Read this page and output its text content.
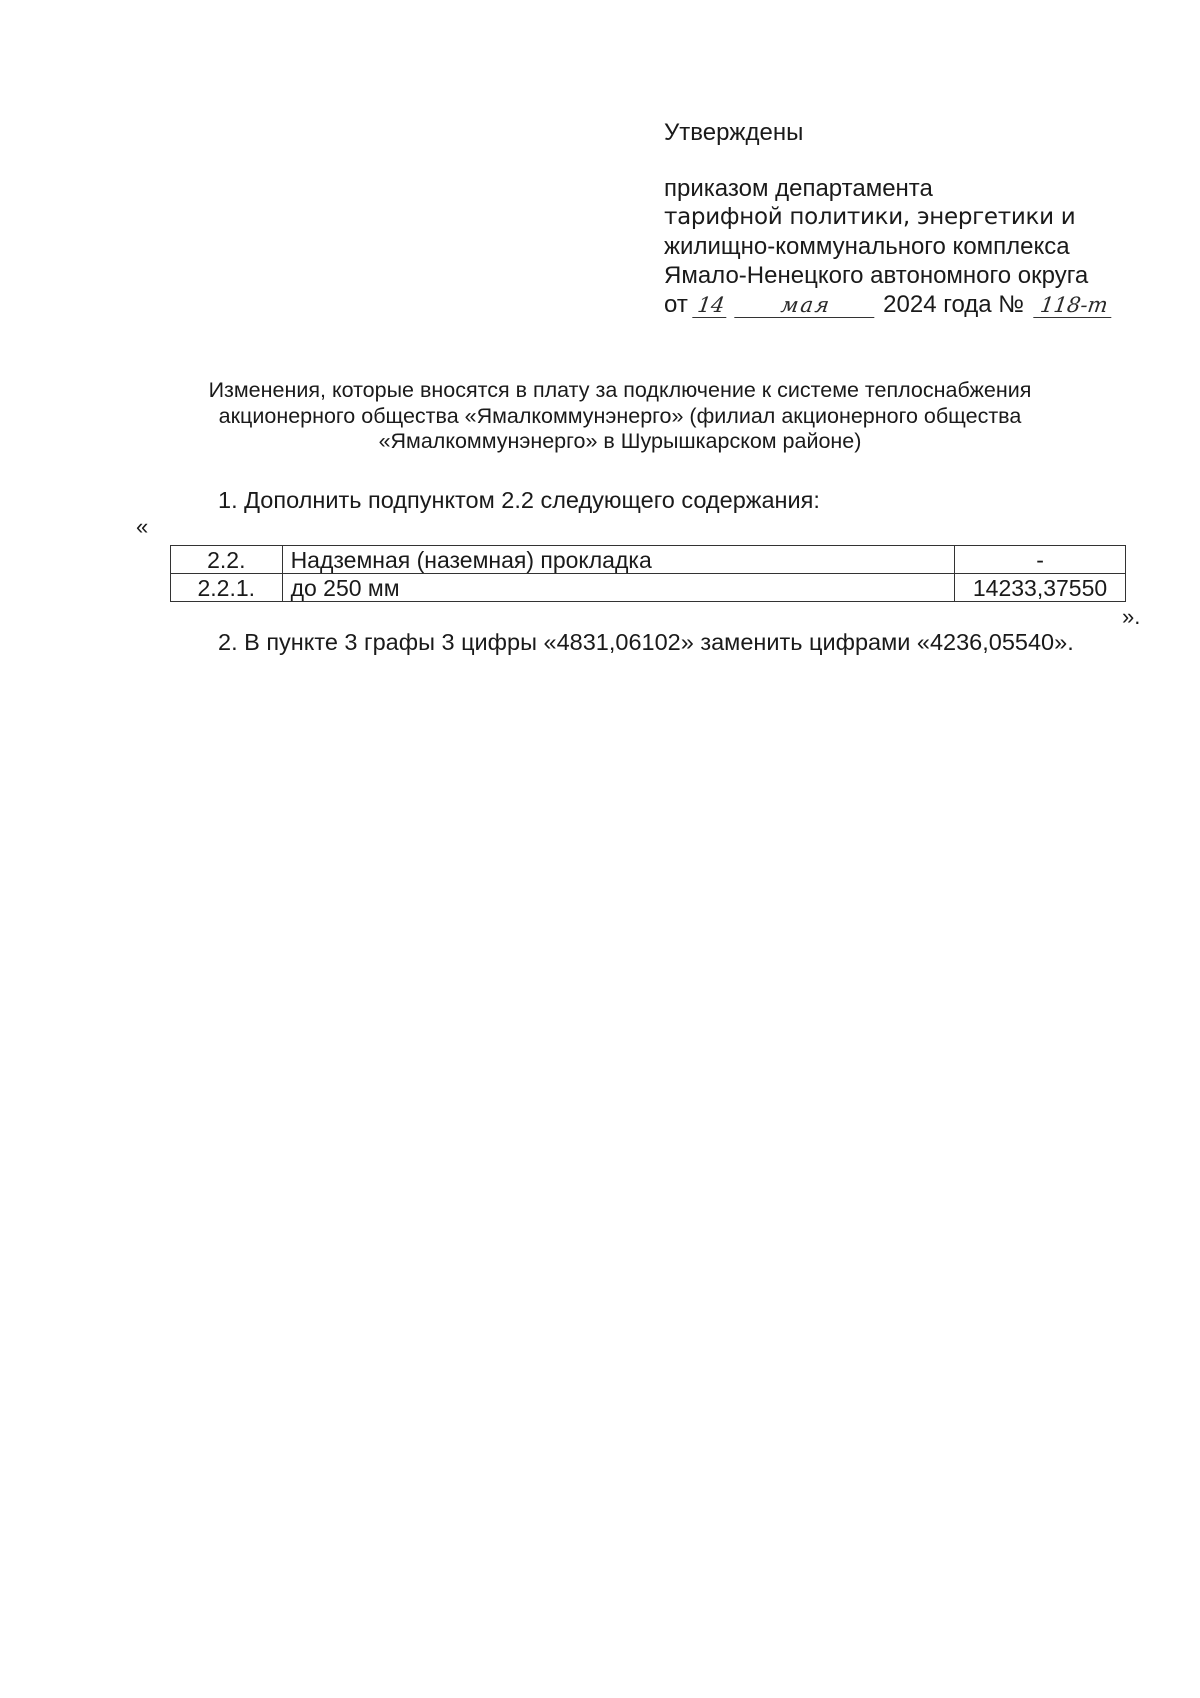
Утверждены
приказом департамента
тарифной политики, энергетики и
жилищно-коммунального комплекса
Ямало-Ненецкого автономного округа
от 14	мая 2024 года № 118-т
Изменения, которые вносятся в плату за подключение к системе теплоснабжения
акционерного общества «Ямалкоммунэнерго» (филиал акционерного общества
«Ямалкоммунэнерго» в Шурышкарском районе)
1. Дополнить подпунктом 2.2 следующего содержания:
«
2.2.	Надземная (наземная) прокладка	-
2.2.1.	до 250 мм	14233,37550
».
2. В пункте 3 графы 3 цифры «4831,06102» заменить цифрами «4236,05540».
